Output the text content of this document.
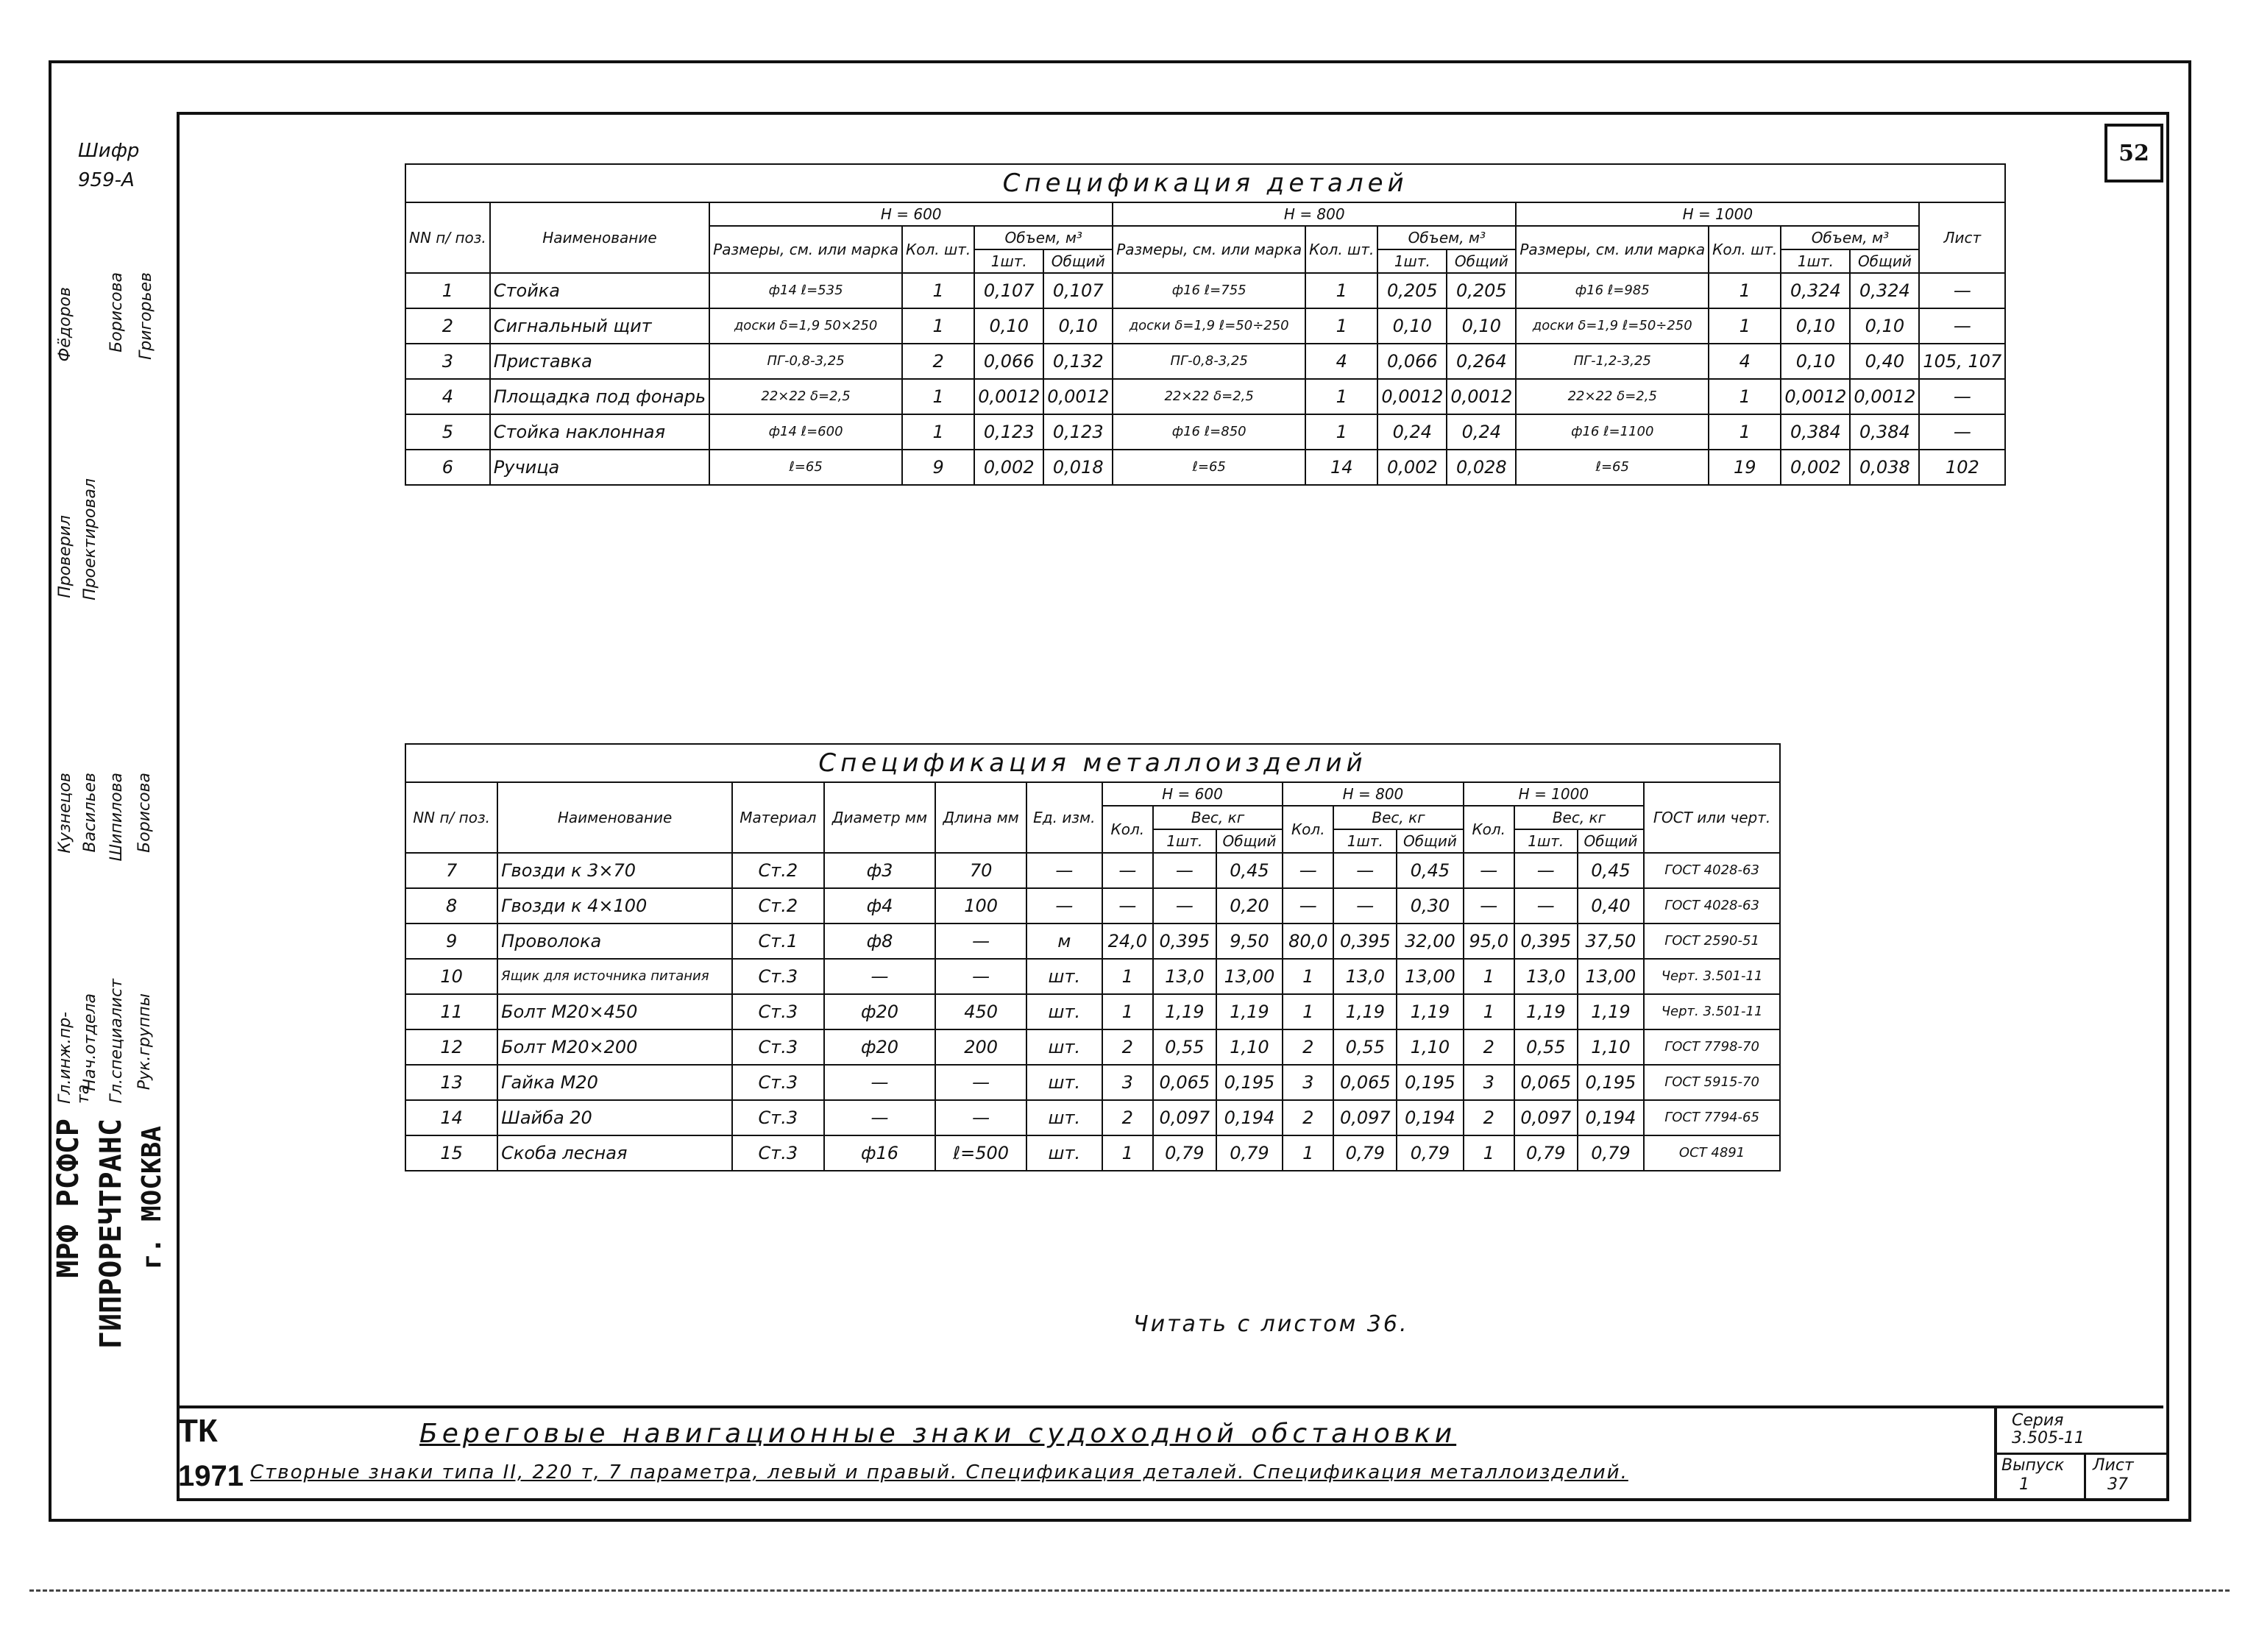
Шифр
959-А
Проверил Проектировал
Фёдоров Борисова Григорьев
Гл.инж.пр-та
Нач.отдела Гл.специалист Рук.группы
Кузнецов Васильев Шипилова Борисова
МРФ РСФСР ГИПРОРЕЧТРАНС г. МОСКВА
52
Спецификация деталей														
NN п/ поз.	Наименование	H = 600				H = 800				H = 1000				Лист
		Размеры, см. или марка	Кол. шт.	Объем, м³		Размеры, см. или марка	Кол. шт.	Объем, м³		Размеры, см. или марка	Кол. шт.	Объем, м³		
				1шт.	Общий			1шт.	Общий			1шт.	Общий	
1	Стойка	ф14 ℓ=535	1	0,107	0,107	ф16 ℓ=755	1	0,205	0,205	ф16 ℓ=985	1	0,324	0,324	—
2	Сигнальный щит	доски δ=1,9 50×250	1	0,10	0,10	доски δ=1,9 ℓ=50÷250	1	0,10	0,10	доски δ=1,9 ℓ=50÷250	1	0,10	0,10	—
3	Приставка	ПГ-0,8-3,25	2	0,066	0,132	ПГ-0,8-3,25	4	0,066	0,264	ПГ-1,2-3,25	4	0,10	0,40	105, 107
4	Площадка под фонарь	22×22 δ=2,5	1	0,0012	0,0012	22×22 δ=2,5	1	0,0012	0,0012	22×22 δ=2,5	1	0,0012	0,0012	—
5	Стойка наклонная	ф14 ℓ=600	1	0,123	0,123	ф16 ℓ=850	1	0,24	0,24	ф16 ℓ=1100	1	0,384	0,384	—
6	Ручица	ℓ=65	9	0,002	0,018	ℓ=65	14	0,002	0,028	ℓ=65	19	0,002	0,038	102
Спецификация металлоизделий															
NN п/ поз.	Наименование	Материал	Диаметр мм	Длина мм	Ед. изм.	H = 600			H = 800			H = 1000			ГОСТ или черт.
						Кол.	Вес, кг		Кол.	Вес, кг		Кол.	Вес, кг		
							1шт.	Общий		1шт.	Общий		1шт.	Общий	
7	Гвозди к 3×70	Ст.2	ф3	70	—	—	—	0,45	—	—	0,45	—	—	0,45	ГОСТ 4028-63
8	Гвозди к 4×100	Ст.2	ф4	100	—	—	—	0,20	—	—	0,30	—	—	0,40	ГОСТ 4028-63
9	Проволока	Ст.1	ф8	—	м	24,0	0,395	9,50	80,0	0,395	32,00	95,0	0,395	37,50	ГОСТ 2590-51
10	Ящик для источника питания	Ст.3	—	—	шт.	1	13,0	13,00	1	13,0	13,00	1	13,0	13,00	Черт. 3.501-11
11	Болт М20×450	Ст.3	ф20	450	шт.	1	1,19	1,19	1	1,19	1,19	1	1,19	1,19	Черт. 3.501-11
12	Болт М20×200	Ст.3	ф20	200	шт.	2	0,55	1,10	2	0,55	1,10	2	0,55	1,10	ГОСТ 7798-70
13	Гайка М20	Ст.3	—	—	шт.	3	0,065	0,195	3	0,065	0,195	3	0,065	0,195	ГОСТ 5915-70
14	Шайба 20	Ст.3	—	—	шт.	2	0,097	0,194	2	0,097	0,194	2	0,097	0,194	ГОСТ 7794-65
15	Скоба лесная	Ст.3	ф16	ℓ=500	шт.	1	0,79	0,79	1	0,79	0,79	1	0,79	0,79	ОСТ 4891
Читать с листом 36.
ТК
1971
Береговые навигационные знаки судоходной обстановки
Створные знаки типа II, 220 т, 7 параметра, левый и правый. Спецификация деталей. Спецификация металлоизделий.
Серия
3.505-11
Выпуск
1
Лист
37
